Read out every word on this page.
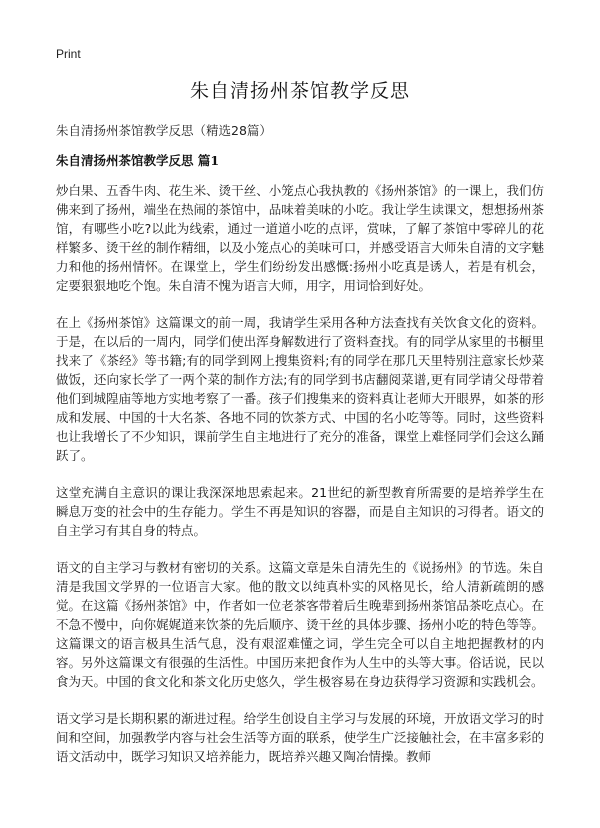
Print
朱自清扬州茶馆教学反思

朱自清扬州茶馆教学反思（精选28篇）

朱自清扬州茶馆教学反思 篇1

炒白果、五香牛肉、花生米、烫干丝、小笼点心我执教的《扬州茶馆》的一课上，我们仿佛来到了扬州，端坐在热闹的茶馆中，品味着美味的小吃。我让学生读课文，想想扬州茶馆，有哪些小吃?以此为线索，通过一道道小吃的点评，赏味，了解了茶馆中零碎儿的花样繁多、烫干丝的制作精细，以及小笼点心的美味可口，并感受语言大师朱自清的文字魅力和他的扬州情怀。在课堂上，学生们纷纷发出感慨:扬州小吃真是诱人，若是有机会，定要狠狠地吃个饱。朱自清不愧为语言大师，用字，用词恰到好处。

在上《扬州茶馆》这篇课文的前一周，我请学生采用各种方法查找有关饮食文化的资料。于是，在以后的一周内，同学们使出浑身解数进行了资料查找。有的同学从家里的书橱里找来了《茶经》等书籍;有的同学到网上搜集资料;有的同学在那几天里特别注意家长炒菜做饭，还向家长学了一两个菜的制作方法;有的同学到书店翻阅菜谱,更有同学请父母带着他们到城隍庙等地方实地考察了一番。孩子们搜集来的资料真让老师大开眼界，如茶的形成和发展、中国的十大名茶、各地不同的饮茶方式、中国的名小吃等等。同时，这些资料也让我增长了不少知识，课前学生自主地进行了充分的准备，课堂上难怪同学们会这么踊跃了。

这堂充满自主意识的课让我深深地思索起来。21世纪的新型教育所需要的是培养学生在瞬息万变的社会中的生存能力。学生不再是知识的容器，而是自主知识的习得者。语文的自主学习有其自身的特点。

语文的自主学习与教材有密切的关系。这篇文章是朱自清先生的《说扬州》的节选。朱自清是我国文学界的一位语言大家。他的散文以纯真朴实的风格见长，给人清新疏朗的感觉。在这篇《扬州茶馆》中，作者如一位老茶客带着后生晚辈到扬州茶馆品茶吃点心。在不急不慢中，向你娓娓道来饮茶的先后顺序、烫干丝的具体步骤、扬州小吃的特色等等。这篇课文的语言极具生活气息，没有艰涩难懂之词，学生完全可以自主地把握教材的内容。另外这篇课文有很强的生活性。中国历来把食作为人生中的头等大事。俗话说，民以食为天。中国的食文化和茶文化历史悠久，学生极容易在身边获得学习资源和实践机会。

语文学习是长期积累的渐进过程。给学生创设自主学习与发展的环境，开放语文学习的时间和空间，加强教学内容与社会生活等方面的联系，使学生广泛接触社会，在丰富多彩的语文活动中，既学习知识又培养能力，既培养兴趣又陶冶情操。教师
